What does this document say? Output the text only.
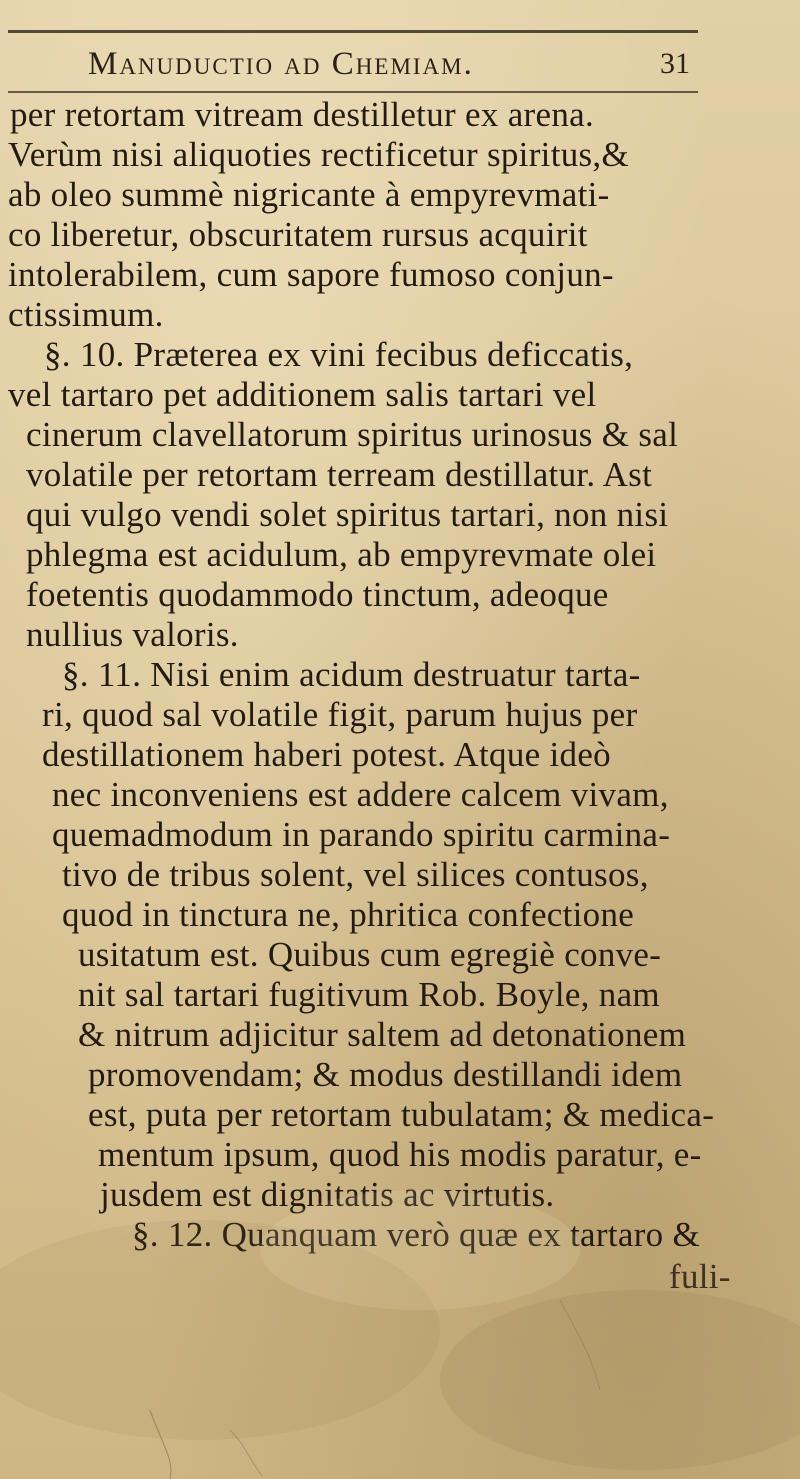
Manuductio ad Chemiam.	31
per retortam vitream destilletur ex arena.
Verùm nisi aliquoties rectificetur spiritus,&
ab oleo summè nigricante à empyrevmati-
co liberetur, obscuritatem rursus acquirit
intolerabilem, cum sapore fumoso conjun-
ctissimum.
§. 10. Præterea ex vini fecibus deficcatis,
vel tartaro pet additionem salis tartari vel
cinerum clavellatorum spiritus urinosus & sal
volatile per retortam terream destillatur. Ast
qui vulgo vendi solet spiritus tartari, non nisi
phlegma est acidulum, ab empyrevmate olei
foetentis quodammodo tinctum, adeoque
nullius valoris.
§. 11. Nisi enim acidum destruatur tarta-
ri, quod sal volatile figit, parum hujus per
destillationem haberi potest. Atque ideò
nec inconveniens est addere calcem vivam,
quemadmodum in parando spiritu carmina-
tivo de tribus solent, vel silices contusos,
quod in tinctura ne, phritica confectione
usitatum est. Quibus cum egregiè conve-
nit sal tartari fugitivum Rob. Boyle, nam
& nitrum adjicitur saltem ad detonationem
promovendam; & modus destillandi idem
est, puta per retortam tubulatam; & medica-
mentum ipsum, quod his modis paratur, e-
jusdem est dignitatis ac virtutis.
§. 12. Quanquam verò quæ ex tartaro &
fuli-
